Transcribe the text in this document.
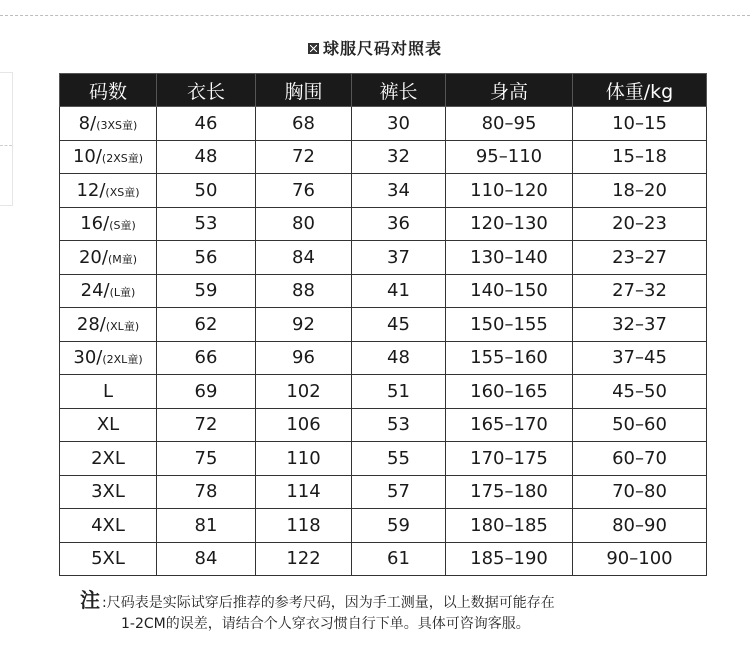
球服尺码对照表
码数	衣长	胸围	裤长	身高	体重/kg
8/(3XS童)	46	68	30	80–95	10–15
10/(2XS童)	48	72	32	95–110	15–18
12/(XS童)	50	76	34	110–120	18–20
16/(S童)	53	80	36	120–130	20–23
20/(M童)	56	84	37	130–140	23–27
24/(L童)	59	88	41	140–150	27–32
28/(XL童)	62	92	45	150–155	32–37
30/(2XL童)	66	96	48	155–160	37–45
L	69	102	51	160–165	45–50
XL	72	106	53	165–170	50–60
2XL	75	110	55	170–175	60–70
3XL	78	114	57	175–180	70–80
4XL	81	118	59	180–185	80–90
5XL	84	122	61	185–190	90–100
注 :尺码表是实际试穿后推荐的参考尺码，因为手工测量，以上数据可能存在
1-2CM的误差，请结合个人穿衣习惯自行下单。具体可咨询客服。
